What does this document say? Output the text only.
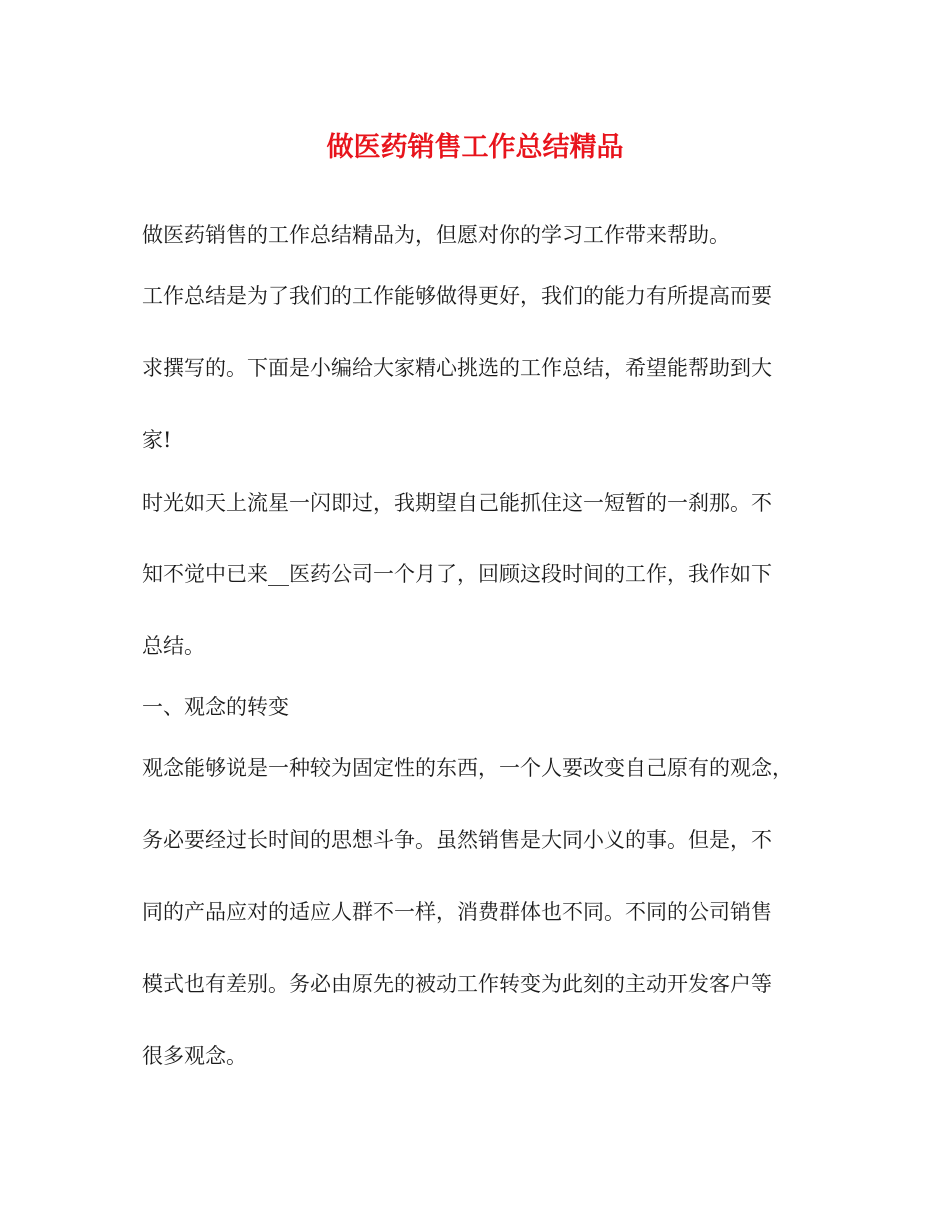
做医药销售工作总结精品

做医药销售的工作总结精品为，但愿对你的学习工作带来帮助。

工作总结是为了我们的工作能够做得更好，我们的能力有所提高而要

求撰写的。下面是小编给大家精心挑选的工作总结，希望能帮助到大

家!

时光如天上流星一闪即过，我期望自己能抓住这一短暂的一刹那。不

知不觉中已来__医药公司一个月了，回顾这段时间的工作，我作如下

总结。

一、观念的转变

观念能够说是一种较为固定性的东西，一个人要改变自己原有的观念，

务必要经过长时间的思想斗争。虽然销售是大同小义的事。但是，不

同的产品应对的适应人群不一样，消费群体也不同。不同的公司销售

模式也有差别。务必由原先的被动工作转变为此刻的主动开发客户等

很多观念。
